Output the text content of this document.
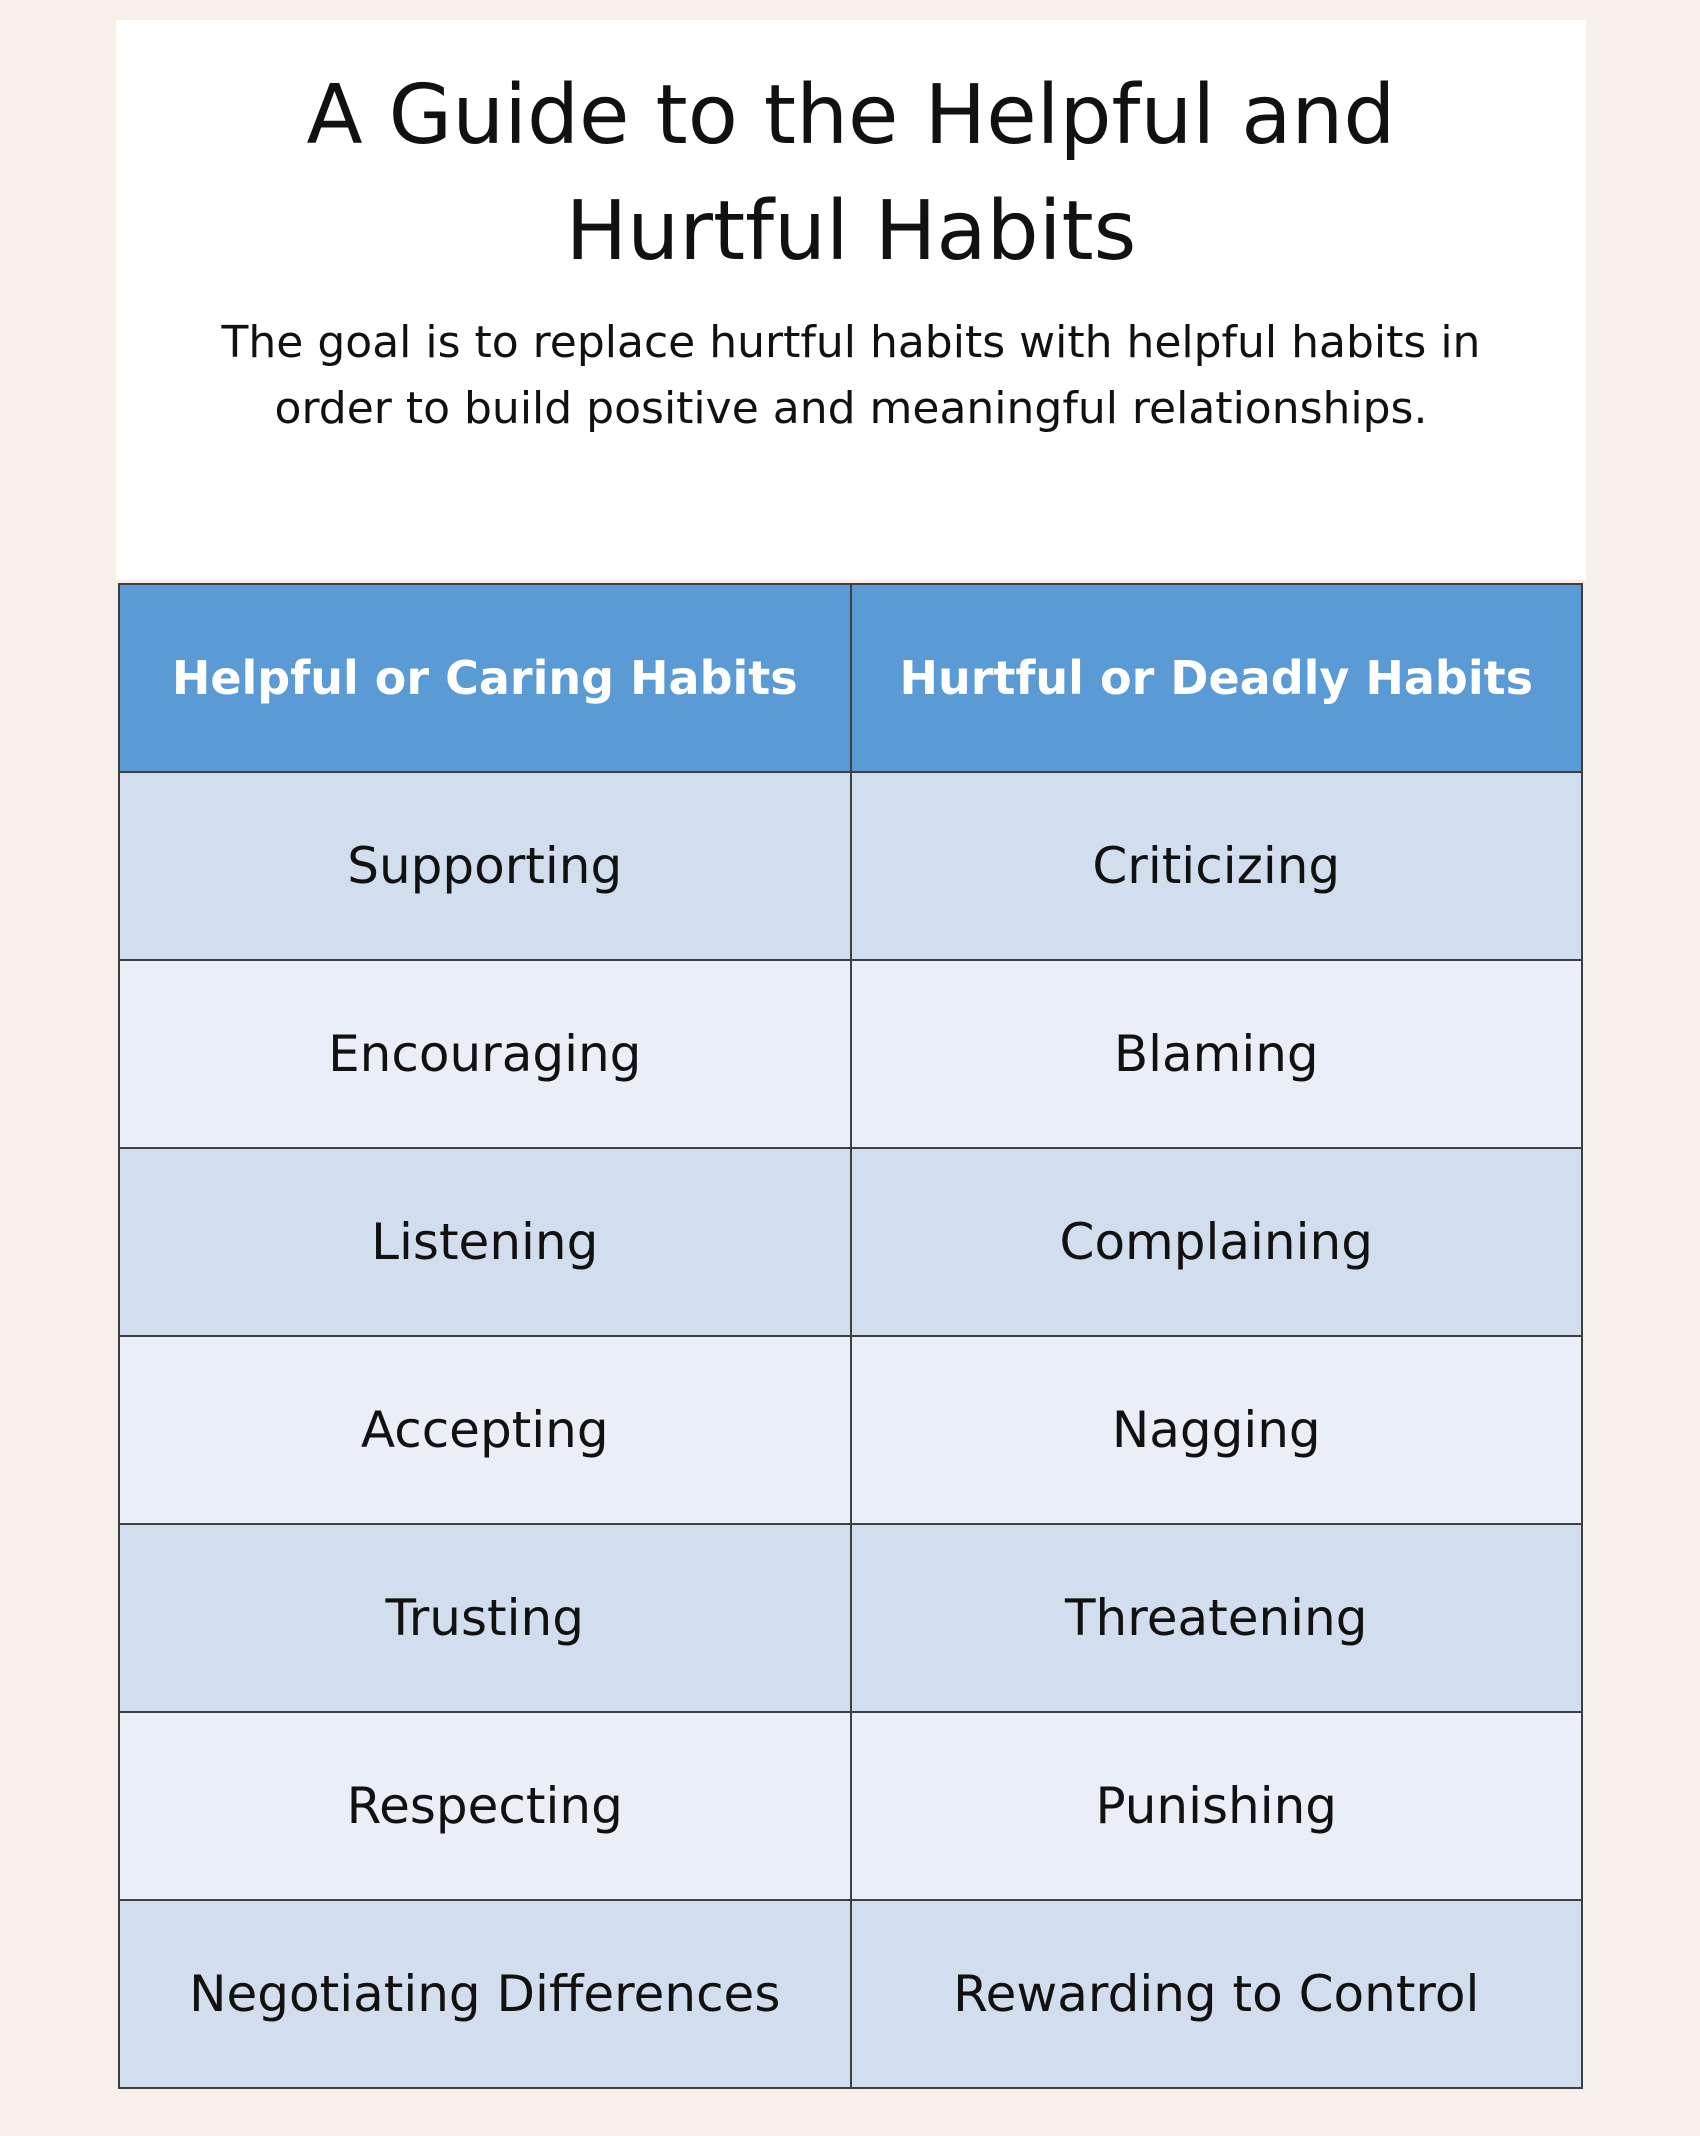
A Guide to the Helpful and
Hurtful Habits

The goal is to replace hurtful habits with helpful habits in
order to build positive and meaningful relationships.

Helpful or Caring Habits	Hurtful or Deadly Habits
Supporting	Criticizing
Encouraging	Blaming
Listening	Complaining
Accepting	Nagging
Trusting	Threatening
Respecting	Punishing
Negotiating Differences	Rewarding to Control
